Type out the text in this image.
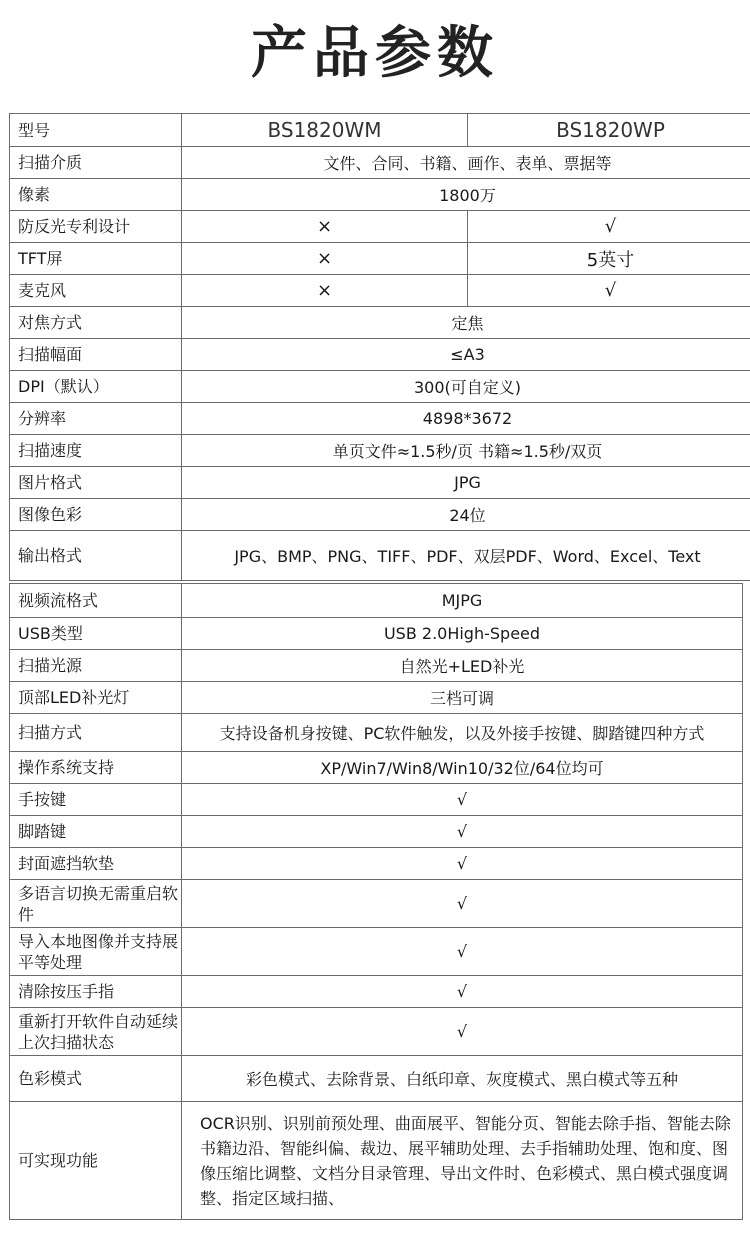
产品参数
型号	BS1820WM	BS1820WP
扫描介质	文件、合同、书籍、画作、表单、票据等	
像素	1800万	
防反光专利设计	×	√
TFT屏	×	5英寸
麦克风	×	√
对焦方式	定焦	
扫描幅面	≤A3	
DPI（默认）	300(可自定义)	
分辨率	4898*3672	
扫描速度	单页文件≈1.5秒/页 书籍≈1.5秒/双页	
图片格式	JPG	
图像色彩	24位	
输出格式	JPG、BMP、PNG、TIFF、PDF、双层PDF、Word、Excel、Text	
视频流格式	MJPG
USB类型	USB 2.0High-Speed
扫描光源	自然光+LED补光
顶部LED补光灯	三档可调
扫描方式	支持设备机身按键、PC软件触发，以及外接手按键、脚踏键四种方式
操作系统支持	XP/Win7/Win8/Win10/32位/64位均可
手按键	√
脚踏键	√
封面遮挡软垫	√
多语言切换无需重启软件	√
导入本地图像并支持展平等处理	√
清除按压手指	√
重新打开软件自动延续上次扫描状态	√
色彩模式	彩色模式、去除背景、白纸印章、灰度模式、黑白模式等五种
可实现功能	OCR识别、识别前预处理、曲面展平、智能分页、智能去除手指、智能去除书籍边沿、智能纠偏、裁边、展平辅助处理、去手指辅助处理、饱和度、图像压缩比调整、文档分目录管理、导出文件时、色彩模式、黑白模式强度调整、指定区域扫描、
